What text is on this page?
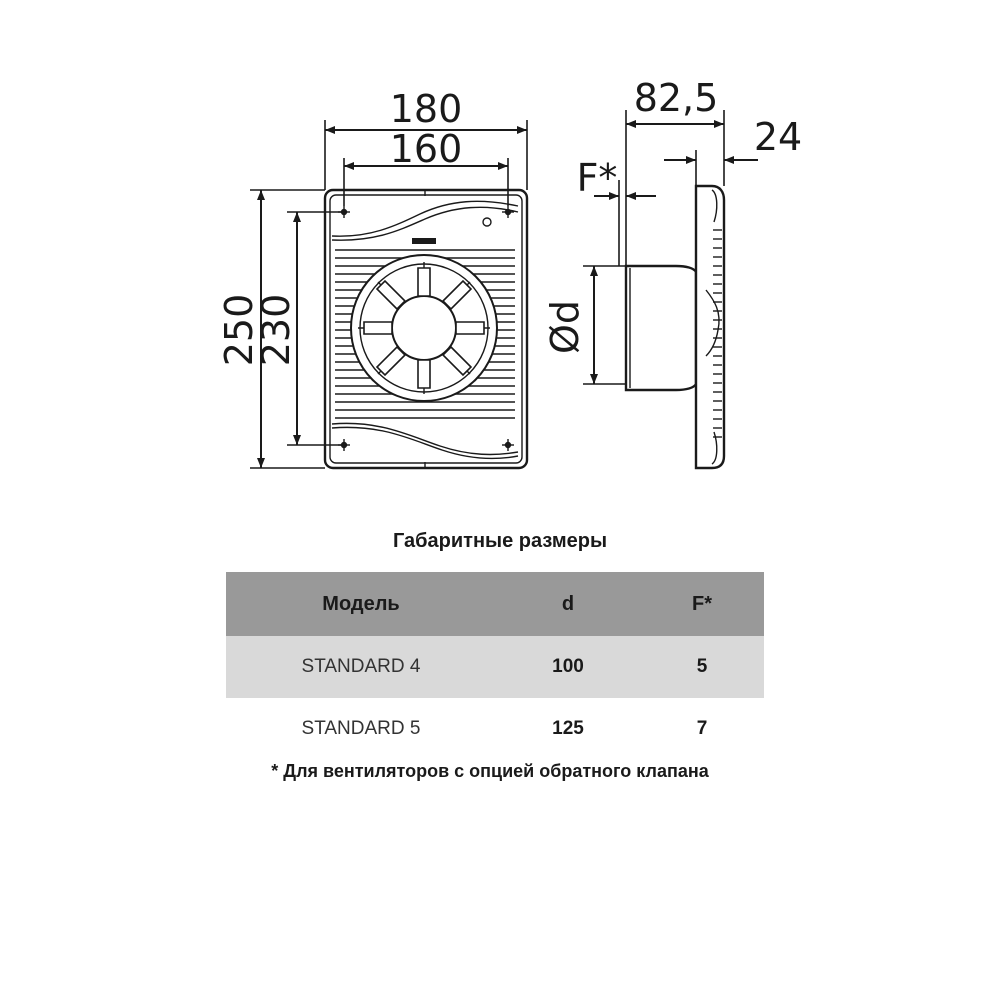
180
160
250
230
82,5
24
F*
Ød
Габаритные размеры
Модель	d	F*
STANDARD 4	100	5
STANDARD 5	125	7
* Для вентиляторов с опцией обратного клапана
